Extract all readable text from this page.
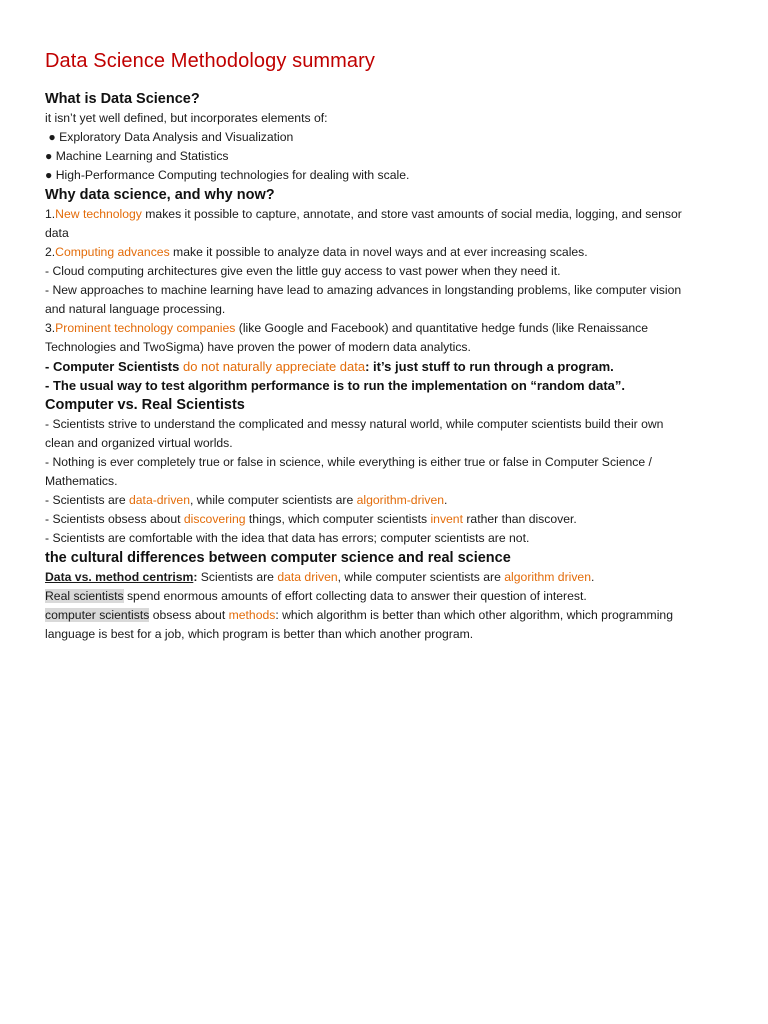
Data Science Methodology summary
What is Data Science?

it isn’t yet well defined, but incorporates elements of:

● Exploratory Data Analysis and Visualization

● Machine Learning and Statistics

● High-Performance Computing technologies for dealing with scale.

Why data science, and why now?

1.New technology makes it possible to capture, annotate, and store vast amounts of social media, logging, and sensor
data

2.Computing advances make it possible to analyze data in novel ways and at ever increasing scales.

- Cloud computing architectures give even the little guy access to vast power when they need it.

- New approaches to machine learning have lead to amazing advances in longstanding problems, like computer vision
and natural language processing.

3.Prominent technology companies (like Google and Facebook) and quantitative hedge funds (like Renaissance
Technologies and TwoSigma) have proven the power of modern data analytics.

- Computer Scientists do not naturally appreciate data: it’s just stuff to run through a program.

- The usual way to test algorithm performance is to run the implementation on “random data”.

Computer vs. Real Scientists

- Scientists strive to understand the complicated and messy natural world, while computer scientists build their own
clean and organized virtual worlds.

- Nothing is ever completely true or false in science, while everything is either true or false in Computer Science /
Mathematics.

- Scientists are data-driven, while computer scientists are algorithm-driven.

- Scientists obsess about discovering things, which computer scientists invent rather than discover.

- Scientists are comfortable with the idea that data has errors; computer scientists are not.

the cultural differences between computer science and real science

Data vs. method centrism: Scientists are data driven, while computer scientists are algorithm driven.

Real scientists spend enormous amounts of effort collecting data to answer their question of interest.

computer scientists obsess about methods: which algorithm is better than which other algorithm, which programming
language is best for a job, which program is better than which another program.
